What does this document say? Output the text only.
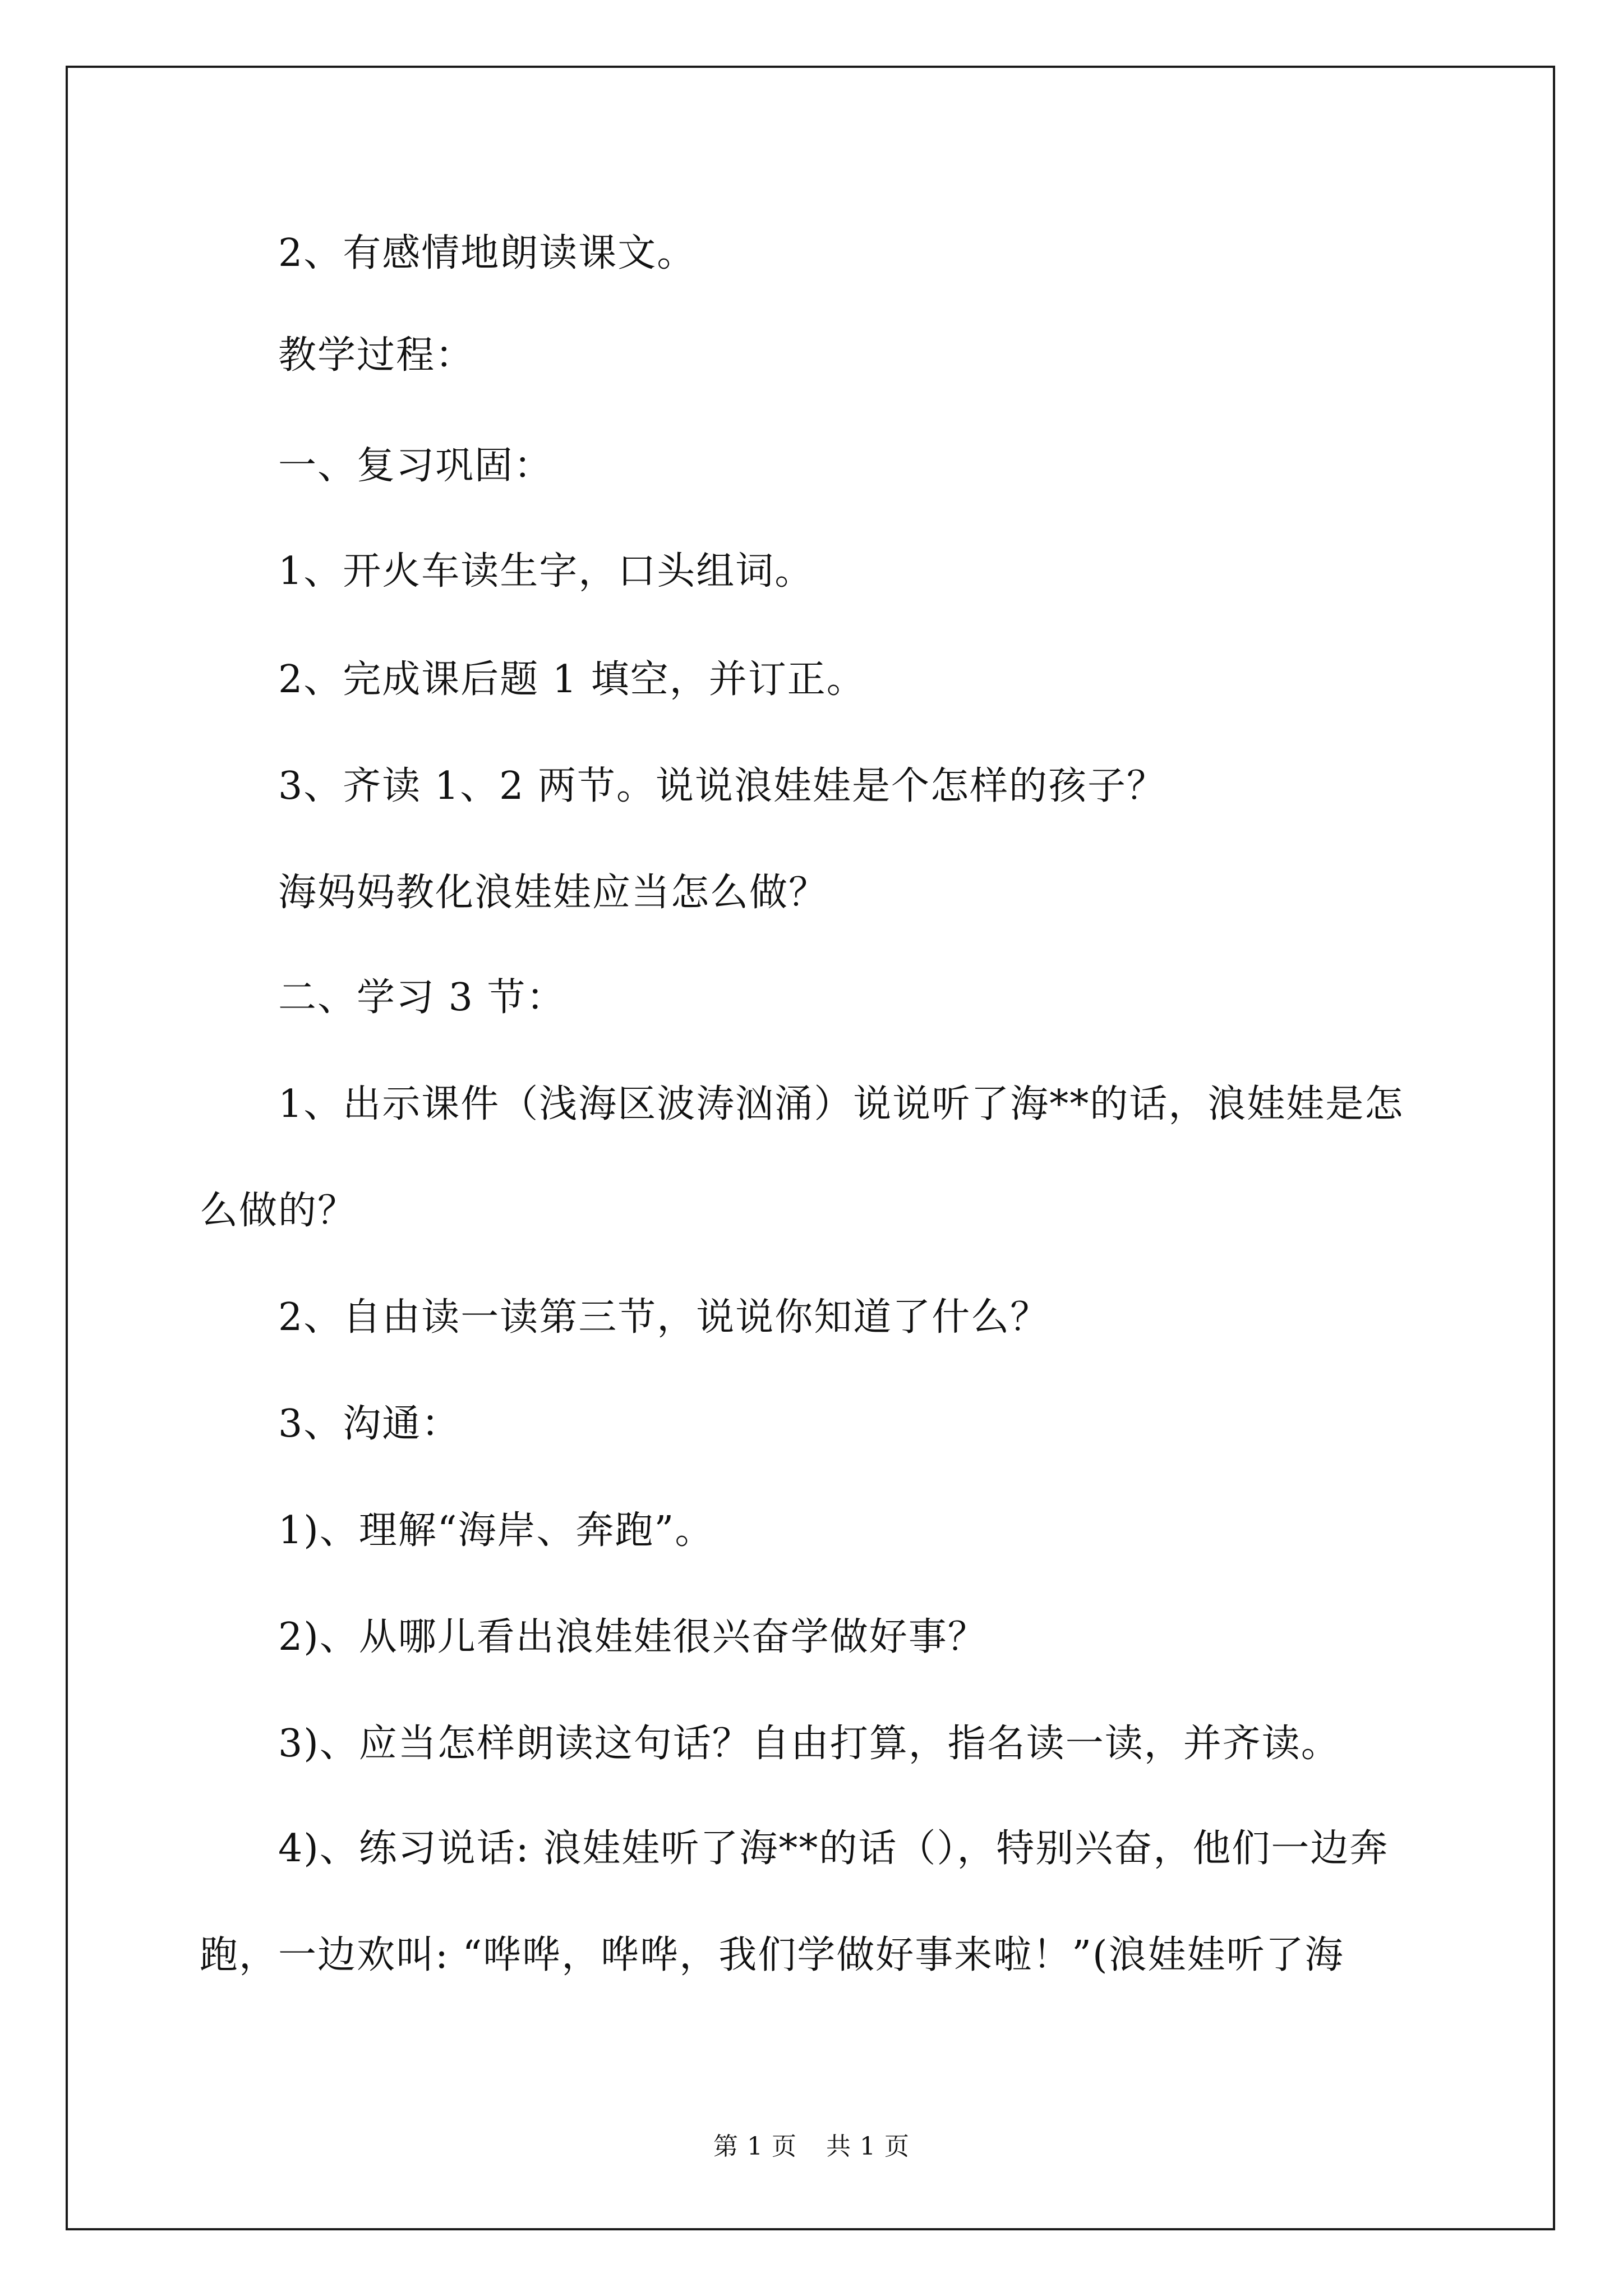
2、有感情地朗读课文。
教学过程：
一、复习巩固：
1、开火车读生字，口头组词。
2、完成课后题 1 填空，并订正。
3、齐读 1、2 两节。说说浪娃娃是个怎样的孩子？
海妈妈教化浪娃娃应当怎么做？
二、学习 3 节：
1、出示课件（浅海区波涛汹涌）说说听了海**的话，浪娃娃是怎
么做的？
2、自由读一读第三节，说说你知道了什么？
3、沟通：
1)、理解“海岸、奔跑”。
2)、从哪儿看出浪娃娃很兴奋学做好事？
3)、应当怎样朗读这句话？自由打算，指名读一读，并齐读。
4)、练习说话: 浪娃娃听了海**的话（），特别兴奋，他们一边奔
跑，一边欢叫: “哗哗，哗哗，我们学做好事来啦！”(浪娃娃听了海
第 1 页 共 1 页
